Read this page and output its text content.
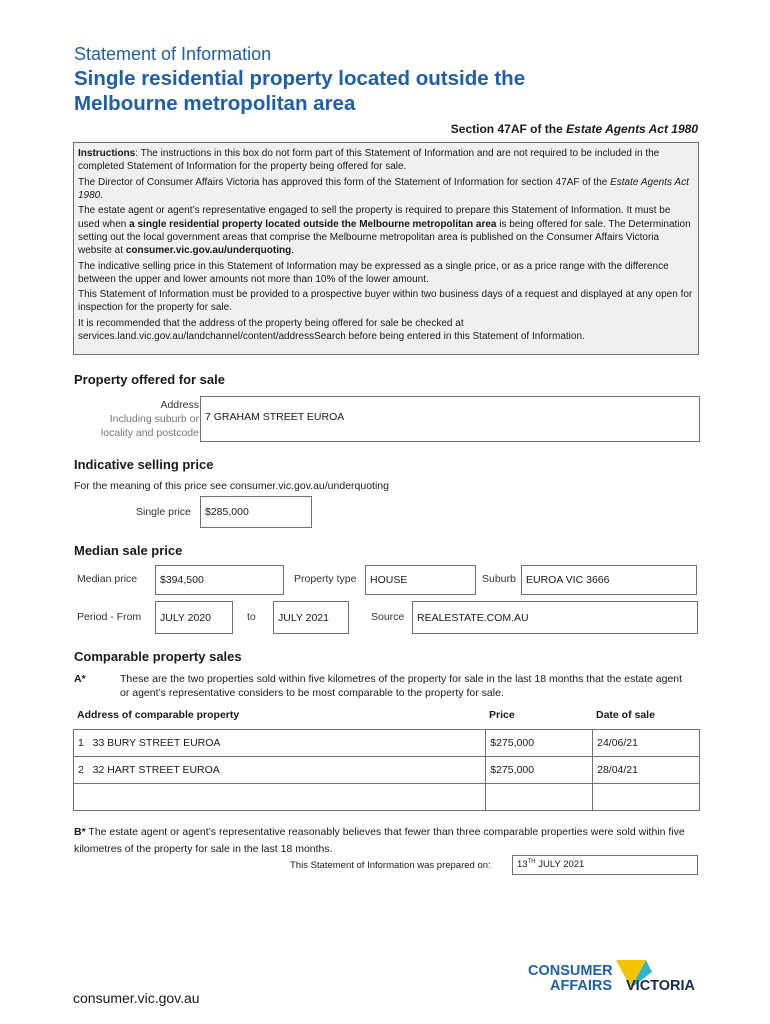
Statement of Information
Single residential property located outside the
Melbourne metropolitan area
Section 47AF of the Estate Agents Act 1980

Instructions: The instructions in this box do not form part of this Statement of Information and are not required to be included in the completed Statement of Information for the property being offered for sale.

The Director of Consumer Affairs Victoria has approved this form of the Statement of Information for section 47AF of the Estate Agents Act 1980.

The estate agent or agent’s representative engaged to sell the property is required to prepare this Statement of Information. It must be used when a single residential property located outside the Melbourne metropolitan area is being offered for sale. The Determination setting out the local government areas that comprise the Melbourne metropolitan area is published on the Consumer Affairs Victoria website at consumer.vic.gov.au/underquoting.

The indicative selling price in this Statement of Information may be expressed as a single price, or as a price range with the difference between the upper and lower amounts not more than 10% of the lower amount.

This Statement of Information must be provided to a prospective buyer within two business days of a request and displayed at any open for inspection for the property for sale.

It is recommended that the address of the property being offered for sale be checked at services.land.vic.gov.au/landchannel/content/addressSearch before being entered in this Statement of Information.

Property offered for sale
Address
Including suburb or
locality and postcode
7 GRAHAM STREET EUROA
Indicative selling price
For the meaning of this price see consumer.vic.gov.au/underquoting
Single price	$285,000
Median sale price
Median price	$394,500	Property type	HOUSE	Suburb EUROA VIC 3666
Period - From	JULY 2020	to	JULY 2021	Source	REALESTATE.COM.AU
Comparable property sales
A*	These are the two properties sold within five kilometres of the property for sale in the last 18 months that the estate agent or agent’s representative considers to be most comparable to the property for sale.
Address of comparable property	Price	Date of sale
1 33 BURY STREET EUROA	$275,000	24/06/21
2 32 HART STREET EUROA	$275,000	28/04/21

B* The estate agent or agent’s representative reasonably believes that fewer than three comparable properties were sold within five kilometres of the property for sale in the last 18 months.
This Statement of Information was prepared on:	13TH JULY 2021
consumer.vic.gov.au
CONSUMER
AFFAIRS VICTORIA
